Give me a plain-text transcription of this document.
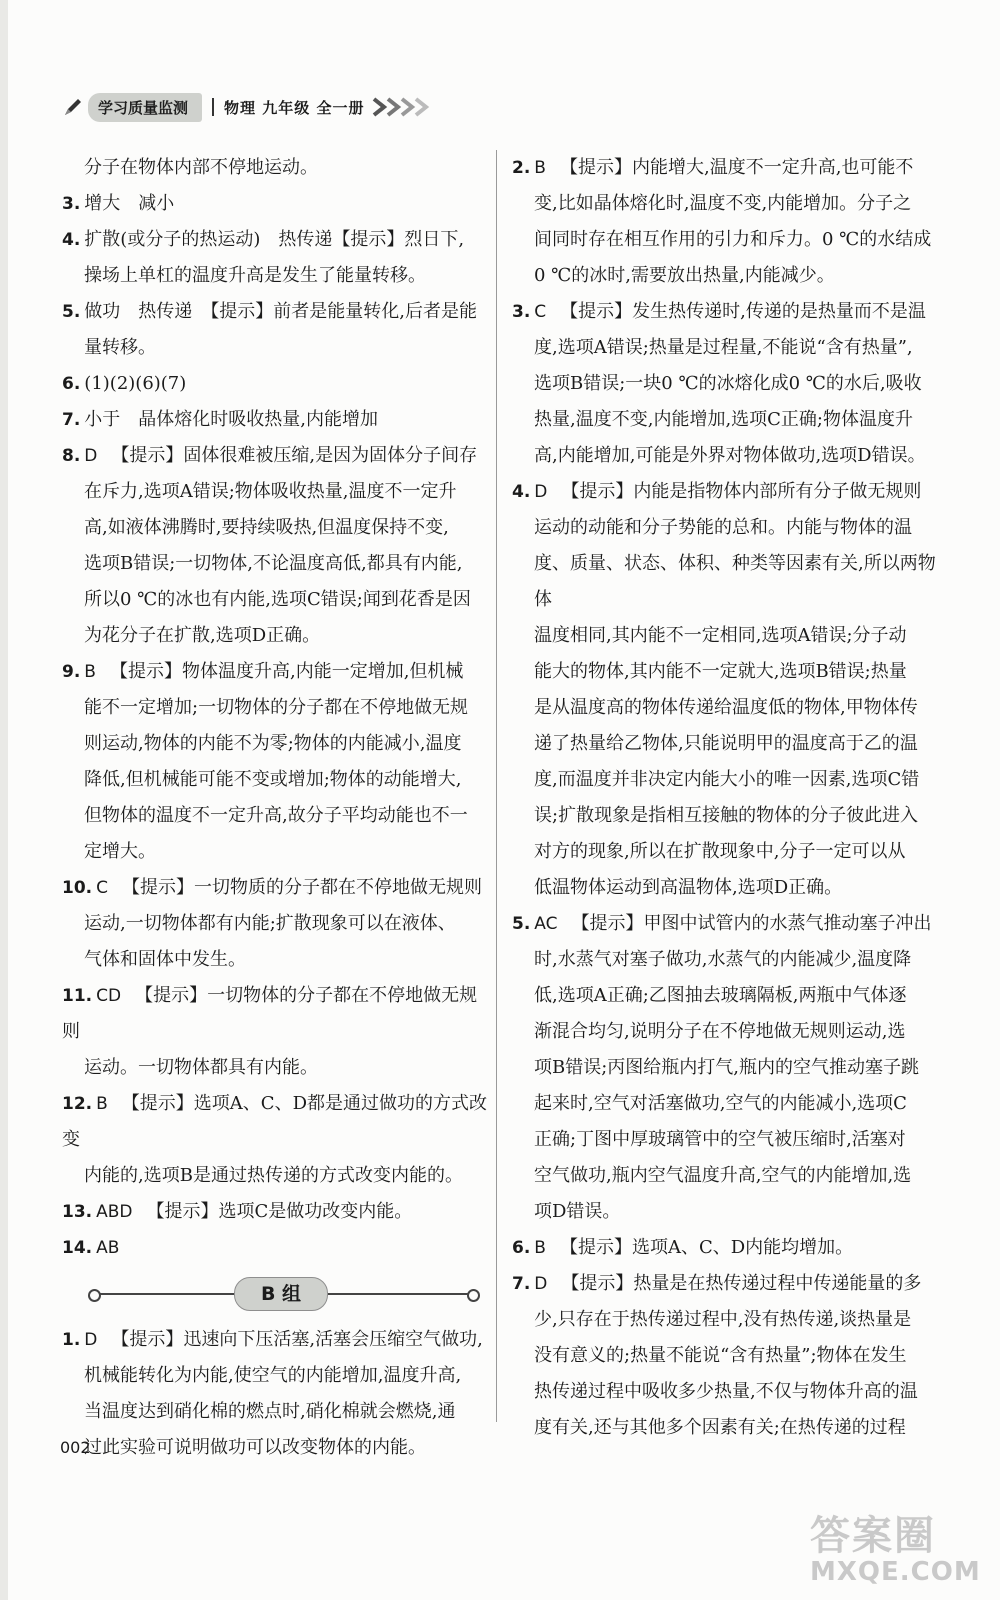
学习质量监测	物理 九年级 全一册

分子在物体内部不停地运动。

3. 增大　减小

4. 扩散(或分子的热运动)　热传递【提示】烈日下,

操场上单杠的温度升高是发生了能量转移。

5. 做功　热传递　【提示】前者是能量转化,后者是能

量转移。

6. (1)(2)(6)(7)

7. 小于　晶体熔化时吸收热量,内能增加

8. D 【提示】固体很难被压缩,是因为固体分子间存

在斥力,选项A错误;物体吸收热量,温度不一定升

高,如液体沸腾时,要持续吸热,但温度保持不变,

选项B错误;一切物体,不论温度高低,都具有内能,

所以0 ℃的冰也有内能,选项C错误;闻到花香是因

为花分子在扩散,选项D正确。

9. B 【提示】物体温度升高,内能一定增加,但机械

能不一定增加;一切物体的分子都在不停地做无规

则运动,物体的内能不为零;物体的内能减小,温度

降低,但机械能可能不变或增加;物体的动能增大,

但物体的温度不一定升高,故分子平均动能也不一

定增大。

10. C 【提示】一切物质的分子都在不停地做无规则

运动,一切物体都有内能;扩散现象可以在液体、

气体和固体中发生。

11. CD 【提示】一切物体的分子都在不停地做无规则

运动。一切物体都具有内能。

12. B 【提示】选项A、C、D都是通过做功的方式改变

内能的,选项B是通过热传递的方式改变内能的。

13. ABD 【提示】选项C是做功改变内能。

14. AB

B 组

1. D 【提示】迅速向下压活塞,活塞会压缩空气做功,

机械能转化为内能,使空气的内能增加,温度升高,

当温度达到硝化棉的燃点时,硝化棉就会燃烧,通

过此实验可说明做功可以改变物体的内能。

2. B 【提示】内能增大,温度不一定升高,也可能不

变,比如晶体熔化时,温度不变,内能增加。分子之

间同时存在相互作用的引力和斥力。0 ℃的水结成

0 ℃的冰时,需要放出热量,内能减少。

3. C 【提示】发生热传递时,传递的是热量而不是温

度,选项A错误;热量是过程量,不能说“含有热量”,

选项B错误;一块0 ℃的冰熔化成0 ℃的水后,吸收

热量,温度不变,内能增加,选项C正确;物体温度升

高,内能增加,可能是外界对物体做功,选项D错误。

4. D 【提示】内能是指物体内部所有分子做无规则

运动的动能和分子势能的总和。内能与物体的温

度、质量、状态、体积、种类等因素有关,所以两物体

温度相同,其内能不一定相同,选项A错误;分子动

能大的物体,其内能不一定就大,选项B错误;热量

是从温度高的物体传递给温度低的物体,甲物体传

递了热量给乙物体,只能说明甲的温度高于乙的温

度,而温度并非决定内能大小的唯一因素,选项C错

误;扩散现象是指相互接触的物体的分子彼此进入

对方的现象,所以在扩散现象中,分子一定可以从

低温物体运动到高温物体,选项D正确。

5. AC 【提示】甲图中试管内的水蒸气推动塞子冲出

时,水蒸气对塞子做功,水蒸气的内能减少,温度降

低,选项A正确;乙图抽去玻璃隔板,两瓶中气体逐

渐混合均匀,说明分子在不停地做无规则运动,选

项B错误;丙图给瓶内打气,瓶内的空气推动塞子跳

起来时,空气对活塞做功,空气的内能减小,选项C

正确;丁图中厚玻璃管中的空气被压缩时,活塞对

空气做功,瓶内空气温度升高,空气的内能增加,选

项D错误。

6. B 【提示】选项A、C、D内能均增加。

7. D 【提示】热量是在热传递过程中传递能量的多

少,只存在于热传递过程中,没有热传递,谈热量是

没有意义的;热量不能说“含有热量”;物体在发生

热传递过程中吸收多少热量,不仅与物体升高的温

度有关,还与其他多个因素有关;在热传递的过程

002
答案圈
MXQE.COM
